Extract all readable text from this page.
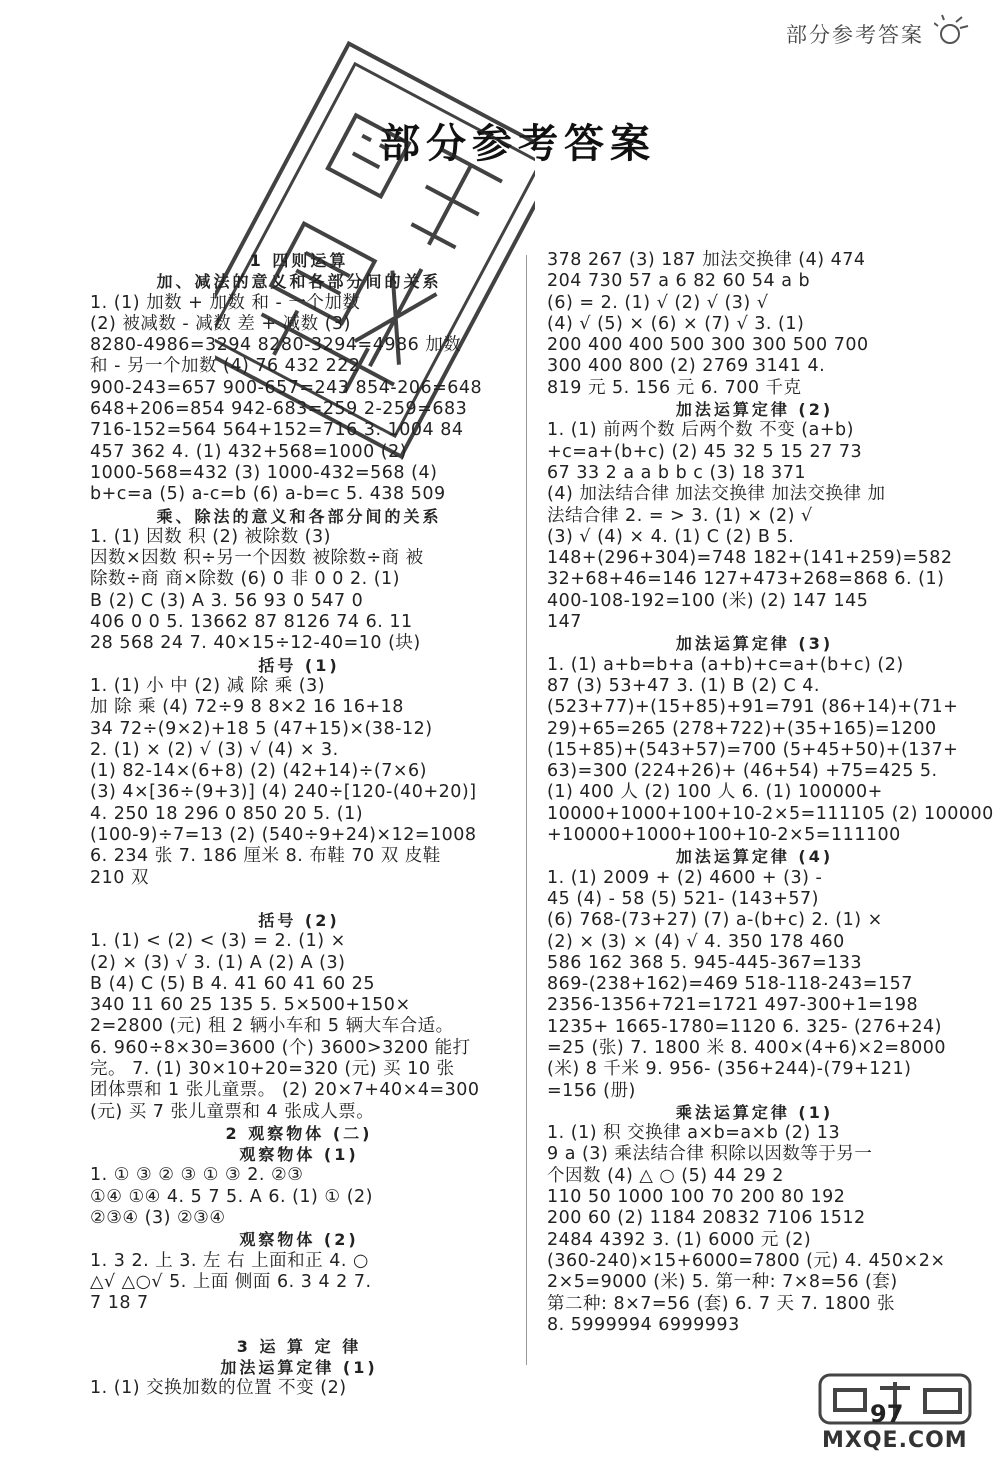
部分参考答案
部分参考答案
1 四则运算
加、减法的意义和各部分间的关系
1. (1) 加数 + 加数 和 - 一个加数
(2) 被减数 - 减数 差 + 减数 (3)
8280-4986=3294 8280-3294=4986 加数
和 - 另一个加数 (4) 76 432 222
900-243=657 900-657=243 854-206=648
648+206=854 942-683=259 2-259=683
716-152=564 564+152=716 3. 1004 84
457 362 4. (1) 432+568=1000 (2)
1000-568=432 (3) 1000-432=568 (4)
b+c=a (5) a-c=b (6) a-b=c 5. 438 509
乘、除法的意义和各部分间的关系
1. (1) 因数 积 (2) 被除数 (3)
因数×因数 积÷另一个因数 被除数÷商 被
除数÷商 商×除数 (6) 0 非 0 0 2. (1)
B (2) C (3) A 3. 56 93 0 547 0
406 0 0 5. 13662 87 8126 74 6. 11
28 568 24 7. 40×15÷12-40=10 (块)
括号 (1)
1. (1) 小 中 (2) 减 除 乘 (3)
加 除 乘 (4) 72÷9 8 8×2 16 16+18
34 72÷(9×2)+18 5 (47+15)×(38-12)
2. (1) × (2) √ (3) √ (4) × 3.
(1) 82-14×(6+8) (2) (42+14)÷(7×6)
(3) 4×[36÷(9+3)] (4) 240÷[120-(40+20)]
4. 250 18 296 0 850 20 5. (1)
(100-9)÷7=13 (2) (540÷9+24)×12=1008
6. 234 张 7. 186 厘米 8. 布鞋 70 双 皮鞋
210 双
括号 (2)
1. (1) < (2) < (3) = 2. (1) ×
(2) × (3) √ 3. (1) A (2) A (3)
B (4) C (5) B 4. 41 60 41 60 25
340 11 60 25 135 5. 5×500+150×
2=2800 (元) 租 2 辆小车和 5 辆大车合适。
6. 960÷8×30=3600 (个) 3600>3200 能打
完。 7. (1) 30×10+20=320 (元) 买 10 张
团体票和 1 张儿童票。 (2) 20×7+40×4=300
(元) 买 7 张儿童票和 4 张成人票。
2 观察物体 (二)
观察物体 (1)
1. ① ③ ② ③ ① ③ 2. ②③
①④ ①④ 4. 5 7 5. A 6. (1) ① (2)
②③④ (3) ②③④
观察物体 (2)
1. 3 2. 上 3. 左 右 上面和正 4. ○
△√ △○√ 5. 上面 侧面 6. 3 4 2 7.
7 18 7
3 运 算 定 律
加法运算定律 (1)
1. (1) 交换加数的位置 不变 (2)
378 267 (3) 187 加法交换律 (4) 474
204 730 57 a 6 82 60 54 a b
(6) = 2. (1) √ (2) √ (3) √
(4) √ (5) × (6) × (7) √ 3. (1)
200 400 400 500 300 300 500 700
300 400 800 (2) 2769 3141 4.
819 元 5. 156 元 6. 700 千克
加法运算定律 (2)
1. (1) 前两个数 后两个数 不变 (a+b)
+c=a+(b+c) (2) 45 32 5 15 27 73
67 33 2 a a b b c (3) 18 371
(4) 加法结合律 加法交换律 加法交换律 加
法结合律 2. = > 3. (1) × (2) √
(3) √ (4) × 4. (1) C (2) B 5.
148+(296+304)=748 182+(141+259)=582
32+68+46=146 127+473+268=868 6. (1)
400-108-192=100 (米) (2) 147 145
147
加法运算定律 (3)
1. (1) a+b=b+a (a+b)+c=a+(b+c) (2)
87 (3) 53+47 3. (1) B (2) C 4.
(523+77)+(15+85)+91=791 (86+14)+(71+
29)+65=265 (278+722)+(35+165)=1200
(15+85)+(543+57)=700 (5+45+50)+(137+
63)=300 (224+26)+ (46+54) +75=425 5.
(1) 400 人 (2) 100 人 6. (1) 100000+
10000+1000+100+10-2×5=111105 (2) 100000
+10000+1000+100+10-2×5=111100
加法运算定律 (4)
1. (1) 2009 + (2) 4600 + (3) -
45 (4) - 58 (5) 521- (143+57)
(6) 768-(73+27) (7) a-(b+c) 2. (1) ×
(2) × (3) × (4) √ 4. 350 178 460
586 162 368 5. 945-445-367=133
869-(238+162)=469 518-118-243=157
2356-1356+721=1721 497-300+1=198
1235+ 1665-1780=1120 6. 325- (276+24)
=25 (张) 7. 1800 米 8. 400×(4+6)×2=8000
(米) 8 千米 9. 956- (356+244)-(79+121)
=156 (册)
乘法运算定律 (1)
1. (1) 积 交换律 a×b=a×b (2) 13
9 a (3) 乘法结合律 积除以因数等于另一
个因数 (4) △ ○ (5) 44 29 2
110 50 1000 100 70 200 80 192
200 60 (2) 1184 20832 7106 1512
2484 4392 3. (1) 6000 元 (2)
(360-240)×15+6000=7800 (元) 4. 450×2×
2×5=9000 (米) 5. 第一种: 7×8=56 (套)
第二种: 8×7=56 (套) 6. 7 天 7. 1800 张
8. 5999994 6999993
MXQE.COM
97
